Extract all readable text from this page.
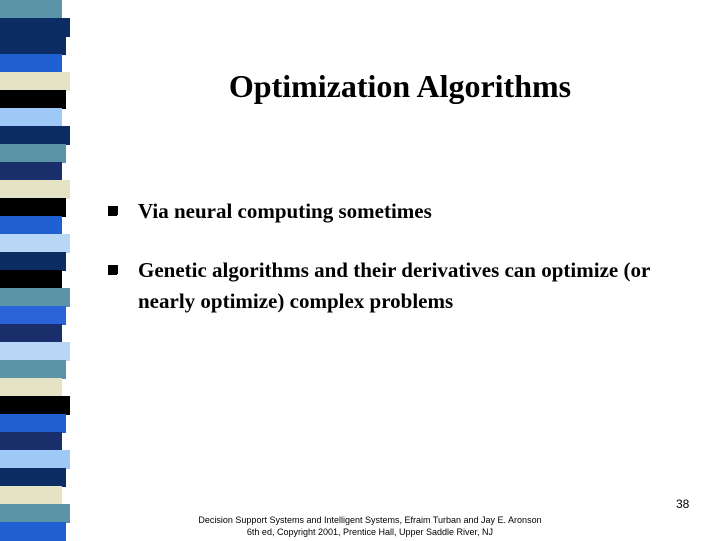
Optimization Algorithms
Via neural computing sometimes
Genetic algorithms and their derivatives can optimize (or nearly optimize) complex problems
38
Decision Support Systems and Intelligent Systems, Efraim Turban and Jay E. Aronson
6th ed, Copyright 2001, Prentice Hall, Upper Saddle River, NJ
